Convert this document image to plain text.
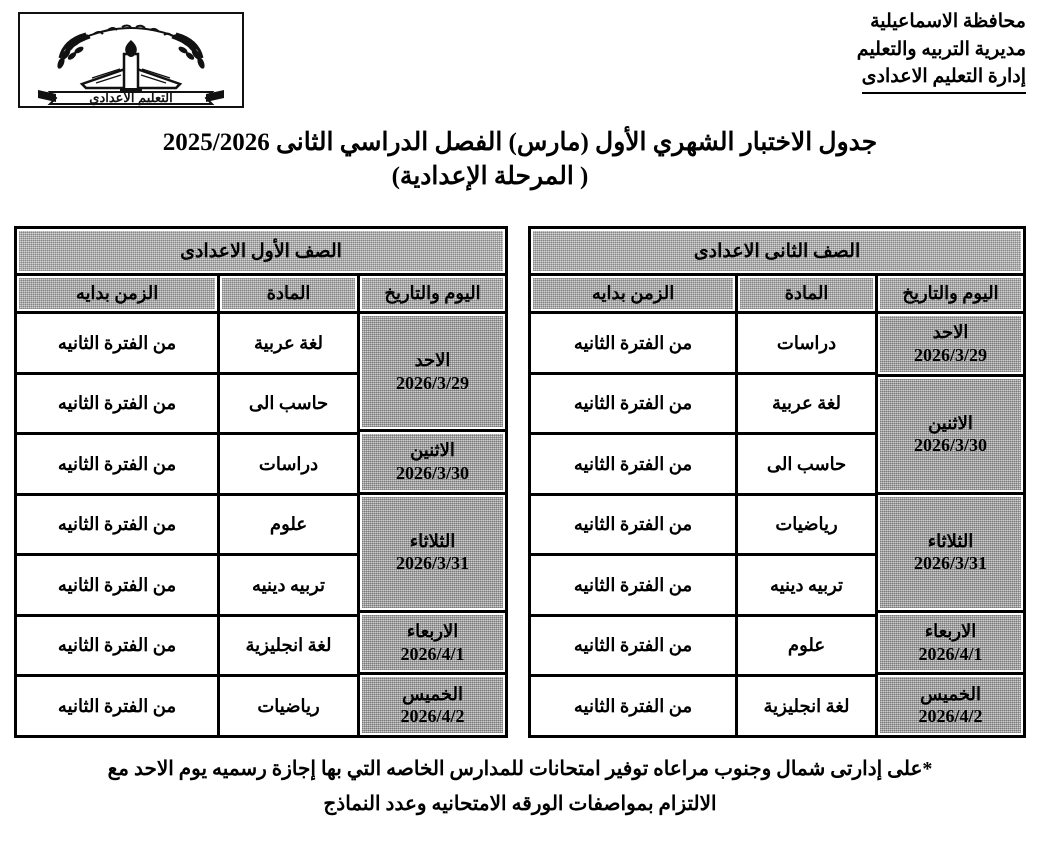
التعليم الأعدادي
محافظة الاسماعيلية
مديرية التربيه والتعليم
إدارة التعليم الاعدادى
جدول الاختبار الشهري الأول (مارس) الفصل الدراسي الثانى 2025/2026
( المرحلة الإعدادية)
الصف الأول الاعدادى
اليوم والتاريخ
الاحد
2026/3/29
الاثنين
2026/3/30
الثلاثاء
2026/3/31
الاربعاء
2026/4/1
الخميس
2026/4/2
المادة
لغة عربية
حاسب الى
دراسات
علوم
تربيه دينيه
لغة انجليزية
رياضيات
الزمن بدايه
من الفترة الثانيه
من الفترة الثانيه
من الفترة الثانيه
من الفترة الثانيه
من الفترة الثانيه
من الفترة الثانيه
من الفترة الثانيه
الصف الثانى الاعدادى
اليوم والتاريخ
الاحد
2026/3/29
الاثنين
2026/3/30
الثلاثاء
2026/3/31
الاربعاء
2026/4/1
الخميس
2026/4/2
المادة
دراسات
لغة عربية
حاسب الى
رياضيات
تربيه دينيه
علوم
لغة انجليزية
الزمن بدايه
من الفترة الثانيه
من الفترة الثانيه
من الفترة الثانيه
من الفترة الثانيه
من الفترة الثانيه
من الفترة الثانيه
من الفترة الثانيه
*على إدارتى شمال وجنوب مراعاه توفير امتحانات للمدارس الخاصه التي بها إجازة رسميه يوم الاحد مع
الالتزام بمواصفات الورقه الامتحانيه وعدد النماذج
